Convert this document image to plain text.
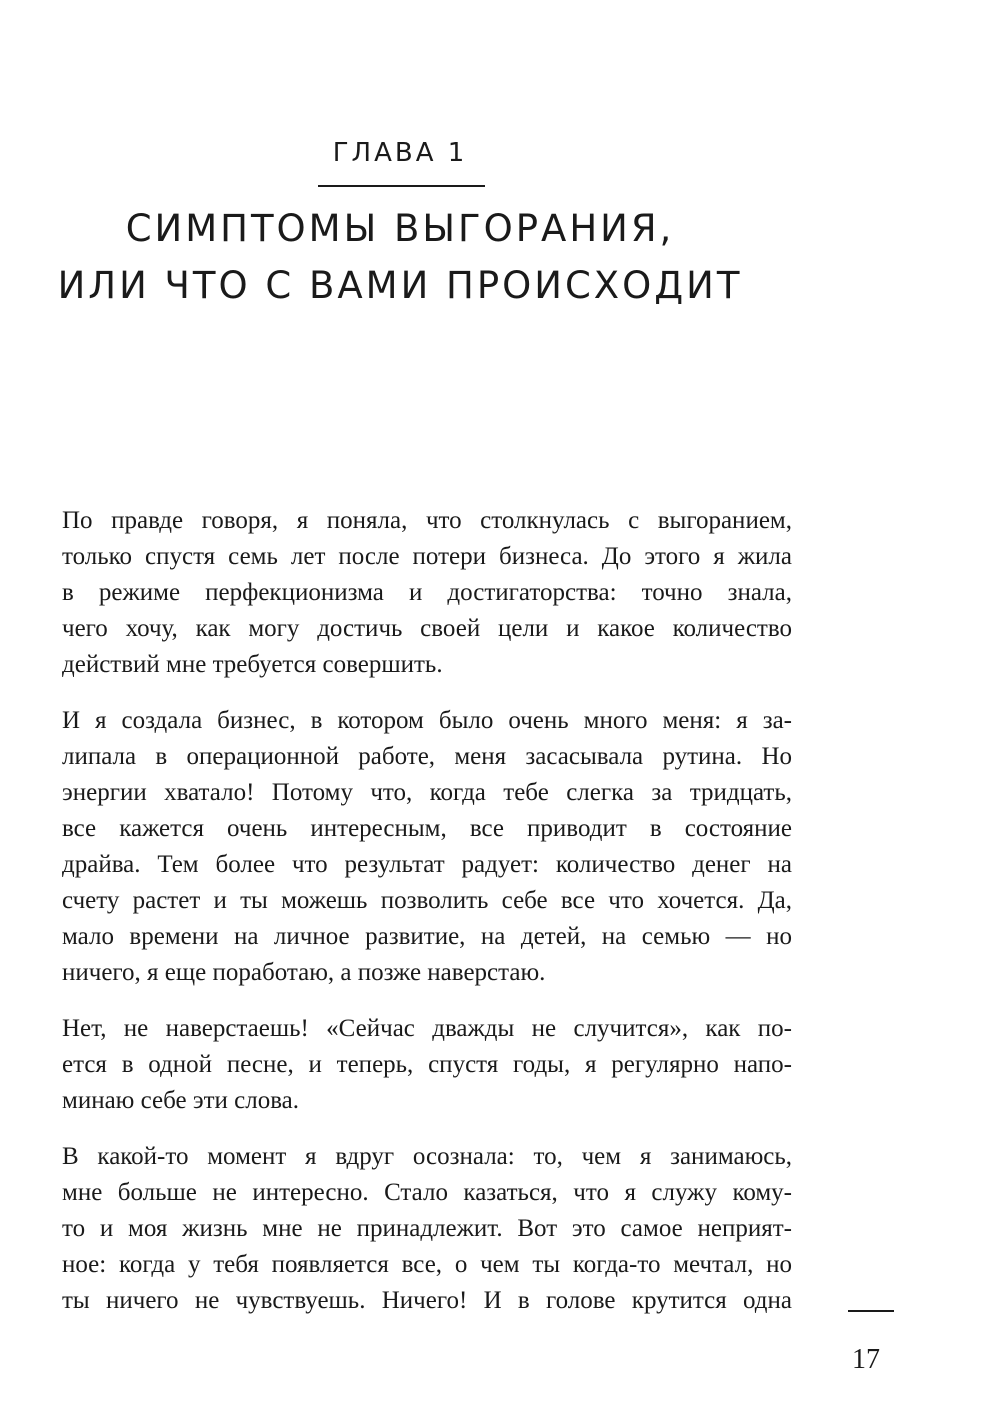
ГЛАВА 1
СИМПТОМЫ ВЫГОРАНИЯ,
ИЛИ ЧТО С ВАМИ ПРОИСХОДИТ

По правде говоря, я поняла, что столкнулась с выгоранием,
только спустя семь лет после потери бизнеса. До этого я жила
в режиме перфекционизма и достигаторства: точно знала,
чего хочу, как могу достичь своей цели и какое количество
действий мне требуется совершить.

И я создала бизнес, в котором было очень много меня: я за-
липала в операционной работе, меня засасывала рутина. Но
энергии хватало! Потому что, когда тебе слегка за тридцать,
все кажется очень интересным, все приводит в состояние
драйва. Тем более что результат радует: количество денег на
счету растет и ты можешь позволить себе все что хочется. Да,
мало времени на личное развитие, на детей, на семью — но
ничего, я еще поработаю, а позже наверстаю.

Нет, не наверстаешь! «Сейчас дважды не случится», как по-
ется в одной песне, и теперь, спустя годы, я регулярно напо-
минаю себе эти слова.

В какой-то момент я вдруг осознала: то, чем я занимаюсь,
мне больше не интересно. Стало казаться, что я служу кому-
то и моя жизнь мне не принадлежит. Вот это самое неприят-
ное: когда у тебя появляется все, о чем ты когда-то мечтал, но
ты ничего не чувствуешь. Ничего! И в голове крутится одна

17
